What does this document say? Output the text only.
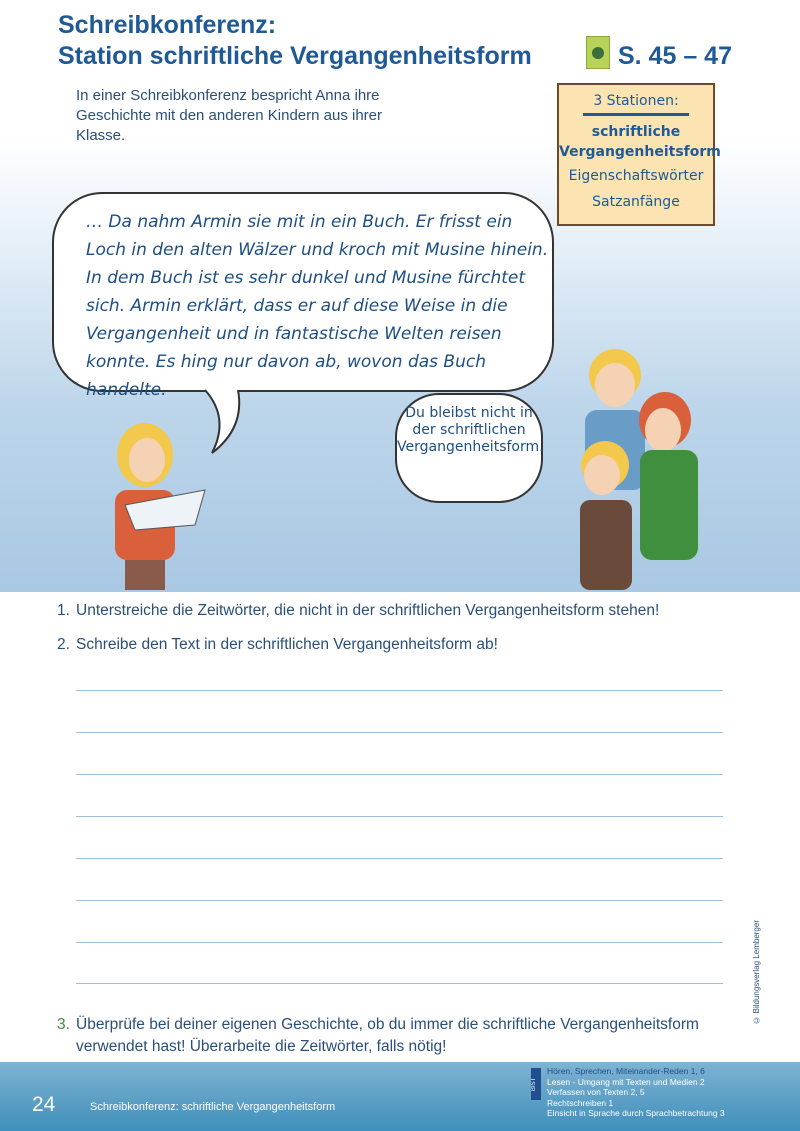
Schreibkonferenz:
Station schriftliche Vergangenheitsform	S. 45 – 47
In einer Schreibkonferenz bespricht Anna ihre Geschichte mit den anderen Kindern aus ihrer Klasse.
3 Stationen:
schriftliche Vergangenheitsform
Eigenschaftswörter
Satzanfänge
… Da nahm Armin sie mit in ein Buch. Er frisst ein Loch in den alten Wälzer und kroch mit Musine hinein. In dem Buch ist es sehr dunkel und Musine fürchtet sich. Armin erklärt, dass er auf diese Weise in die Vergangenheit und in fantastische Welten reisen konnte. Es hing nur davon ab, wovon das Buch handelte.
Du bleibst nicht in der schriftlichen Vergangenheitsform.
1. Unterstreiche die Zeitwörter, die nicht in der schriftlichen Vergangenheitsform stehen!
2. Schreibe den Text in der schriftlichen Vergangenheitsform ab!
3. Überprüfe bei deiner eigenen Geschichte, ob du immer die schriftliche Vergangenheitsform verwendet hast! Überarbeite die Zeitwörter, falls nötig!
© Bildungsverlag Lemberger
24	Schreibkonferenz: schriftliche Vergangenheitsform
BIST
Hören, Sprechen, Miteinander-Reden 1, 6
Lesen - Umgang mit Texten und Medien 2
Verfassen von Texten 2, 5
Rechtschreiben 1
Einsicht in Sprache durch Sprachbetrachtung 3
